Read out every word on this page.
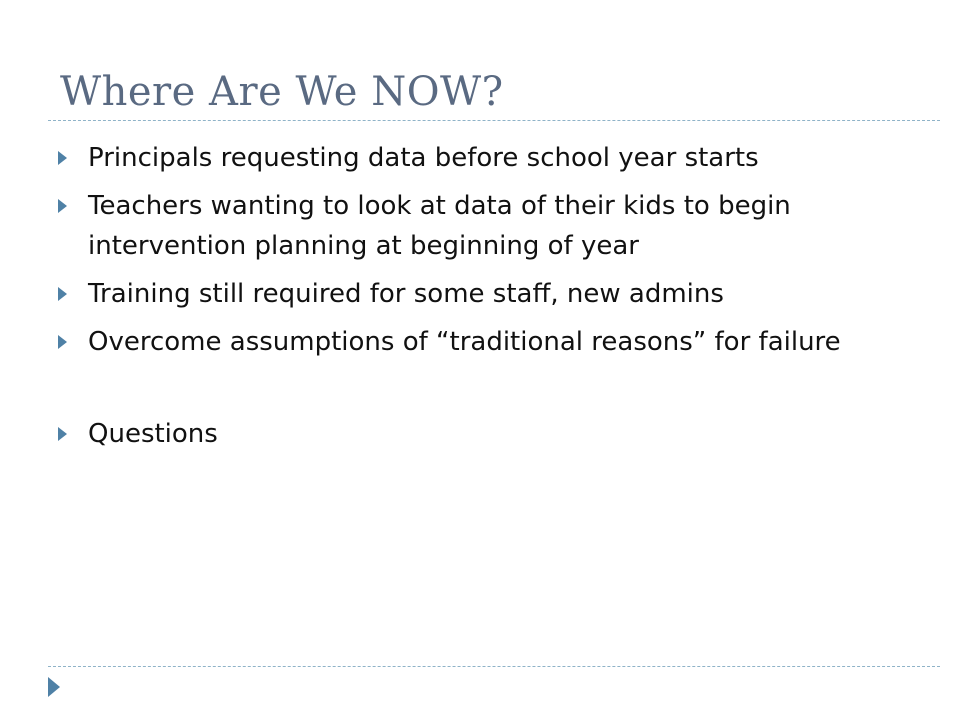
Where Are We NOW?
Principals requesting data before school year starts
Teachers wanting to look at data of their kids to begin intervention planning at beginning of year
Training still required for some staff, new admins
Overcome assumptions of “traditional reasons” for failure
Questions
